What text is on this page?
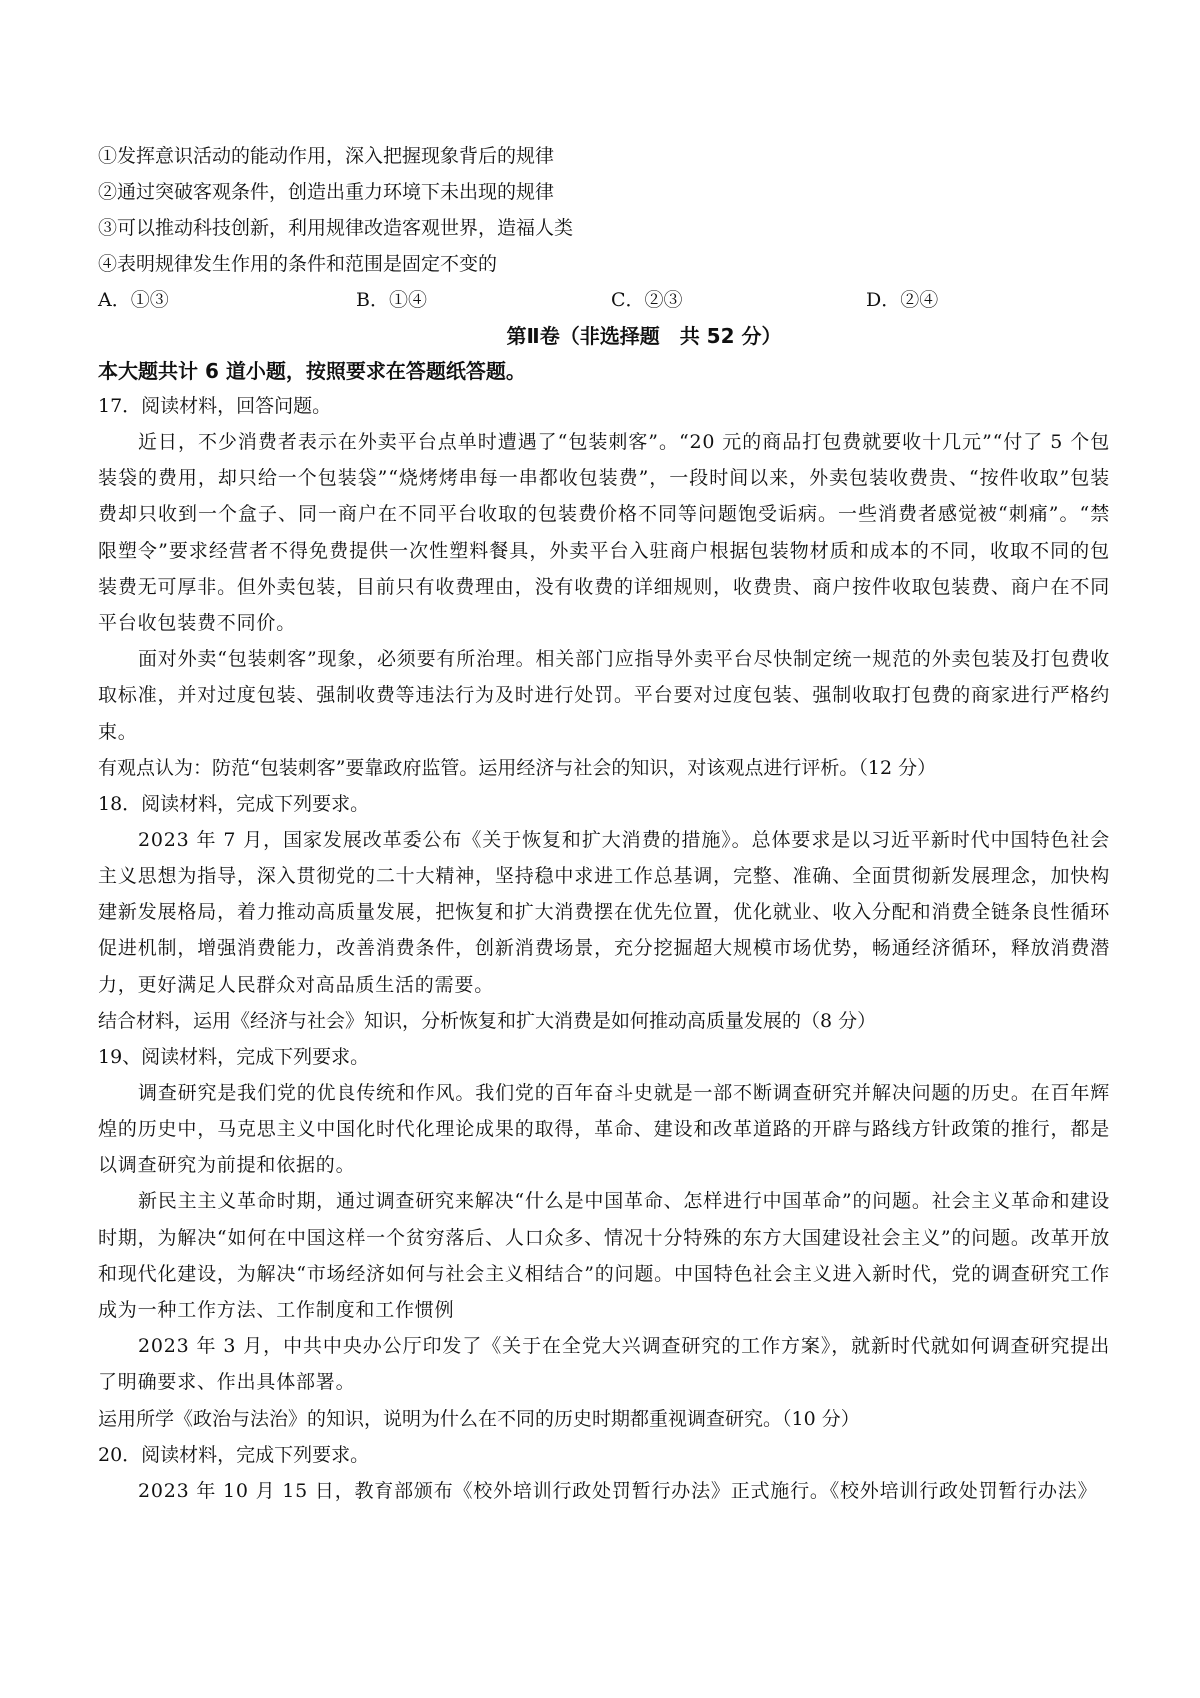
①发挥意识活动的能动作用，深入把握现象背后的规律
②通过突破客观条件，创造出重力环境下未出现的规律
③可以推动科技创新，利用规律改造客观世界，造福人类
④表明规律发生作用的条件和范围是固定不变的
A．①③	B．①④	C．②③	D．②④
第Ⅱ卷（非选择题　共 52 分）
本大题共计 6 道小题，按照要求在答题纸答题。
17．阅读材料，回答问题。
近日，不少消费者表示在外卖平台点单时遭遇了“包装刺客”。“20 元的商品打包费就要收十几元”“付了 5 个包装袋的费用，却只给一个包装袋”“烧烤烤串每一串都收包装费”，一段时间以来，外卖包装收费贵、“按件收取”包装费却只收到一个盒子、同一商户在不同平台收取的包装费价格不同等问题饱受诟病。一些消费者感觉被“刺痛”。“禁限塑令”要求经营者不得免费提供一次性塑料餐具，外卖平台入驻商户根据包装物材质和成本的不同，收取不同的包装费无可厚非。但外卖包装，目前只有收费理由，没有收费的详细规则，收费贵、商户按件收取包装费、商户在不同平台收包装费不同价。
面对外卖“包装刺客”现象，必须要有所治理。相关部门应指导外卖平台尽快制定统一规范的外卖包装及打包费收取标准，并对过度包装、强制收费等违法行为及时进行处罚。平台要对过度包装、强制收取打包费的商家进行严格约束。
有观点认为：防范“包装刺客”要靠政府监管。运用经济与社会的知识，对该观点进行评析。（12 分）
18．阅读材料，完成下列要求。
2023 年 7 月，国家发展改革委公布《关于恢复和扩大消费的措施》。总体要求是以习近平新时代中国特色社会主义思想为指导，深入贯彻党的二十大精神，坚持稳中求进工作总基调，完整、准确、全面贯彻新发展理念，加快构建新发展格局，着力推动高质量发展，把恢复和扩大消费摆在优先位置，优化就业、收入分配和消费全链条良性循环促进机制，增强消费能力，改善消费条件，创新消费场景，充分挖掘超大规模市场优势，畅通经济循环，释放消费潜力，更好满足人民群众对高品质生活的需要。
结合材料，运用《经济与社会》知识，分析恢复和扩大消费是如何推动高质量发展的（8 分）
19、阅读材料，完成下列要求。
调查研究是我们党的优良传统和作风。我们党的百年奋斗史就是一部不断调查研究并解决问题的历史。在百年辉煌的历史中，马克思主义中国化时代化理论成果的取得，革命、建设和改革道路的开辟与路线方针政策的推行，都是以调查研究为前提和依据的。
新民主主义革命时期，通过调查研究来解决“什么是中国革命、怎样进行中国革命”的问题。社会主义革命和建设时期，为解决“如何在中国这样一个贫穷落后、人口众多、情况十分特殊的东方大国建设社会主义”的问题。改革开放和现代化建设，为解决“市场经济如何与社会主义相结合”的问题。中国特色社会主义进入新时代，党的调查研究工作成为一种工作方法、工作制度和工作惯例
2023 年 3 月，中共中央办公厅印发了《关于在全党大兴调查研究的工作方案》，就新时代就如何调查研究提出了明确要求、作出具体部署。
运用所学《政治与法治》的知识，说明为什么在不同的历史时期都重视调查研究。（10 分）
20．阅读材料，完成下列要求。
2023 年 10 月 15 日，教育部颁布《校外培训行政处罚暂行办法》正式施行。《校外培训行政处罚暂行办法》
